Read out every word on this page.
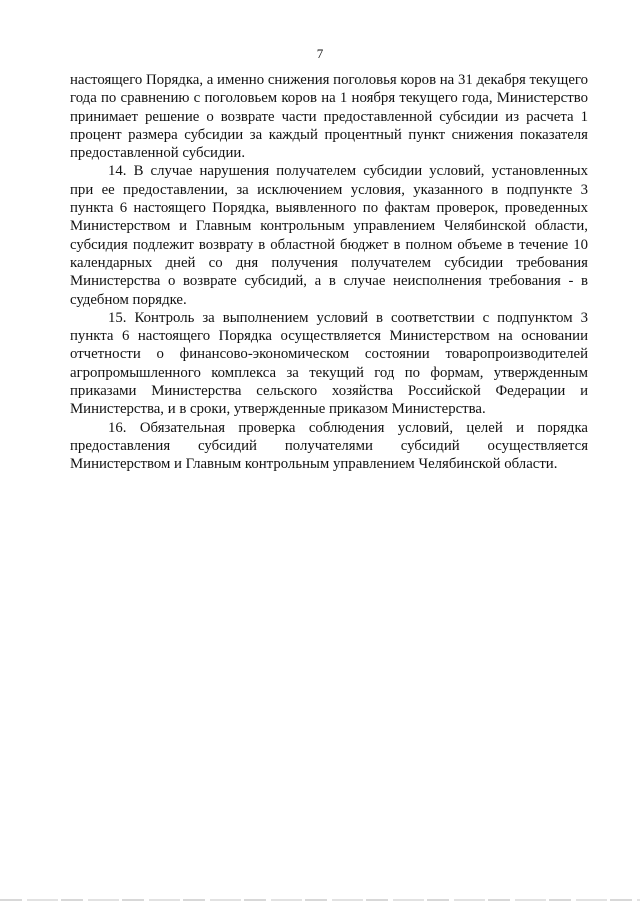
7

настоящего Порядка, а именно снижения поголовья коров на 31 декабря текущего года по сравнению с поголовьем коров на 1 ноября текущего года, Министерство принимает решение о возврате части предоставленной субсидии из расчета 1 процент размера субсидии за каждый процентный пункт снижения показателя предоставленной субсидии.

14. В случае нарушения получателем субсидии условий, установленных при ее предоставлении, за исключением условия, указанного в подпункте 3 пункта 6 настоящего Порядка, выявленного по фактам проверок, проведенных Министерством и Главным контрольным управлением Челябинской области, субсидия подлежит возврату в областной бюджет в полном объеме в течение 10 календарных дней со дня получения получателем субсидии требования Министерства о возврате субсидий, а в случае неисполнения требования - в судебном порядке.

15. Контроль за выполнением условий в соответствии с подпунктом 3 пункта 6 настоящего Порядка осуществляется Министерством на основании отчетности о финансово-экономическом состоянии товаропроизводителей агропромышленного комплекса за текущий год по формам, утвержденным приказами Министерства сельского хозяйства Российской Федерации и Министерства, и в сроки, утвержденные приказом Министерства.

16. Обязательная проверка соблюдения условий, целей и порядка предоставления субсидий получателями субсидий осуществляется Министерством и Главным контрольным управлением Челябинской области.
